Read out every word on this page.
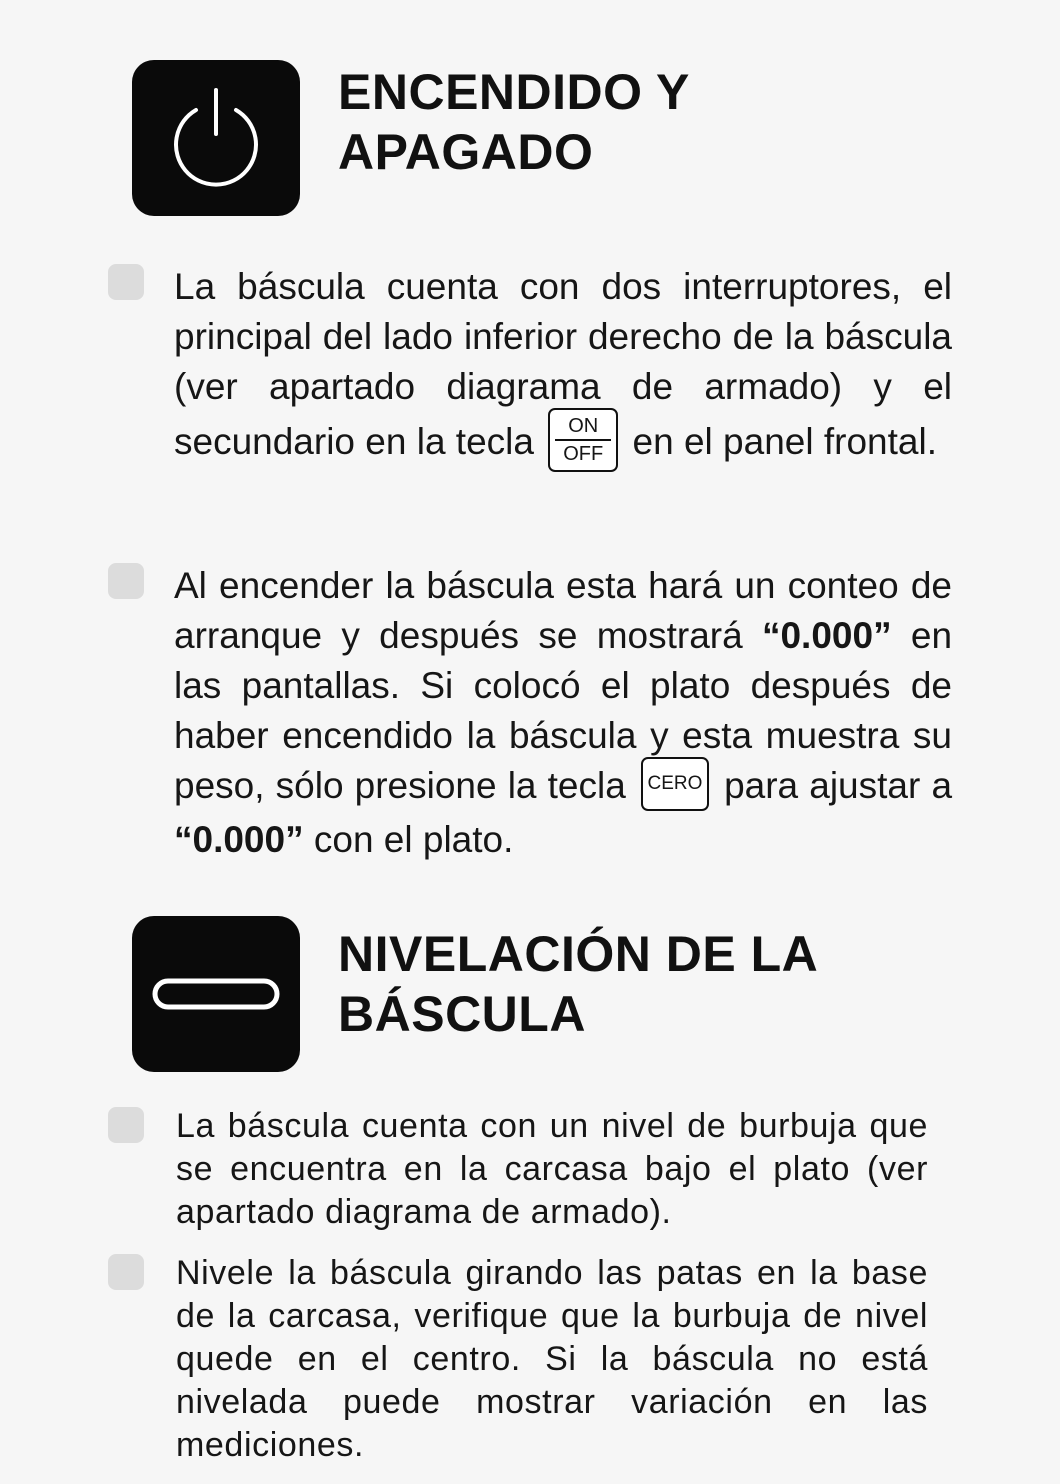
ENCENDIDO Y
APAGADO
La báscula cuenta con dos interruptores, el principal del lado inferior derecho de la báscula (ver apartado diagrama de armado) y el secundario en la tecla ON
OFF en el panel frontal.
Al encender la báscula esta hará un conteo de arranque y después se mostrará “0.000” en las pantallas. Si colocó el plato después de haber encendido la báscula y esta muestra su peso, sólo presione la tecla CERO para ajustar a “0.000” con el plato.
NIVELACIÓN DE LA
BÁSCULA
La báscula cuenta con un nivel de burbuja que se encuentra en la carcasa bajo el plato (ver apartado diagrama de armado).
Nivele la báscula girando las patas en la base de la carcasa, verifique que la burbuja de nivel quede en el centro. Si la báscula no está nivelada puede mostrar variación en las mediciones.
